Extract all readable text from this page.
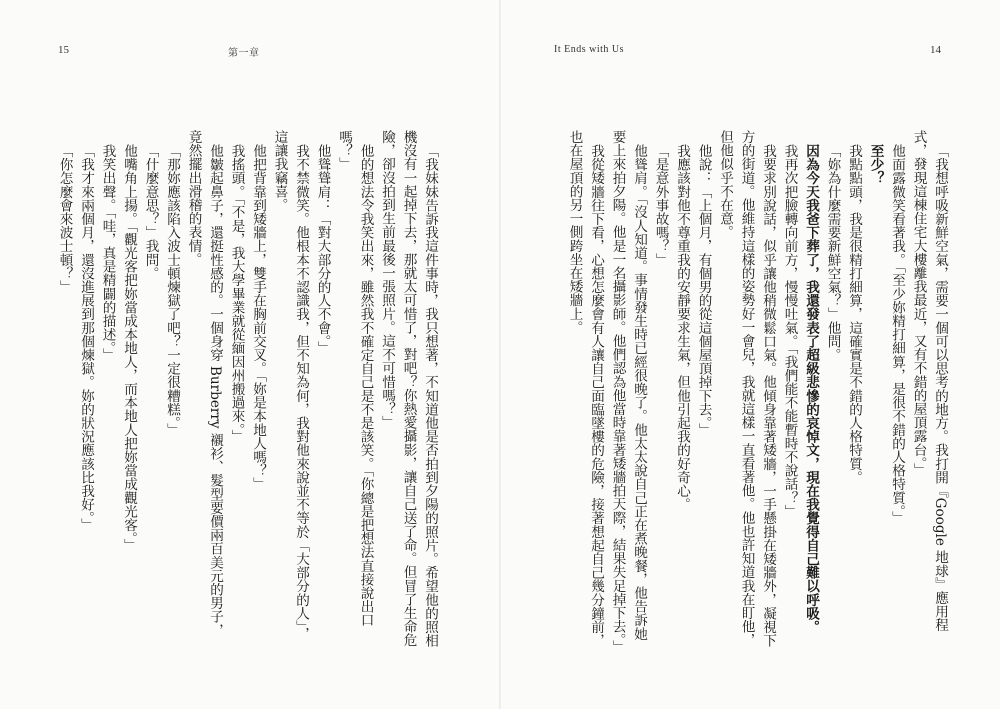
15	第一章

「我妹妹告訴我這件事時，我只想著，不知道他是否拍到夕陽的照片。希望他的照相機沒有一起掉下去，那就太可惜了，對吧？你熱愛攝影，讓自己送了命。但冒了生命危險，卻沒拍到生前最後一張照片。這不可惜嗎？」

他的想法令我笑出來，雖然我不確定自己是不是該笑。「你總是把想法直接說出口嗎？」

他聳聳肩：「對大部分的人不會。」

我不禁微笑。他根本不認識我，但不知為何，我對他來說並不等於「大部分的人」，這讓我竊喜。

他把背靠到矮牆上，雙手在胸前交叉。「妳是本地人嗎？」

我搖頭。「不是，我大學畢業就從緬因州搬過來。」

他皺起鼻子，還挺性感的。一個身穿 Burberry 襯衫、髮型要價兩百美元的男子，竟然擺出滑稽的表情。

「那妳應該陷入波士頓煉獄了吧？一定很糟糕。」

「什麼意思？」我問。

他嘴角上揚。「觀光客把妳當成本地人，而本地人把妳當成觀光客。」

我笑出聲。「哇，真是精闢的描述。」

「我才來兩個月，還沒進展到那個煉獄。妳的狀況應該比我好。」

「你怎麼會來波士頓？」

It Ends with Us	14

「我想呼吸新鮮空氣，需要一個可以思考的地方。我打開『Google 地球』應用程式，發現這棟住宅大樓離我最近，又有不錯的屋頂露台。」

他面露微笑看著我。「至少妳精打細算，是很不錯的人格特質。」

至少？

我點點頭，我是很精打細算，這確實是不錯的人格特質。

「妳為什麼需要新鮮空氣？」他問。

因為今天我爸下葬了，我還發表了超級悲慘的哀悼文，現在我覺得自己難以呼吸。

我再次把臉轉向前方，慢慢吐氣。「我們能不能暫時不說話？」

我要求別說話，似乎讓他稍微鬆口氣。他傾身靠著矮牆，一手懸掛在矮牆外，凝視下方的街道。他維持這樣的姿勢好一會兒，我就這樣一直看著他。他也許知道我在盯他，但他似乎不在意。

他說：「上個月，有個男的從這個屋頂掉下去。」

我應該對他不尊重我的安靜要求生氣，但他引起我的好奇心。

「是意外事故嗎？」

他聳肩。「沒人知道。事情發生時已經很晚了。他太太說自己正在煮晚餐，他告訴她要上來拍夕陽。他是一名攝影師。他們認為他當時靠著矮牆拍天際，結果失足掉下去。」

我從矮牆往下看，心想怎麼會有人讓自己面臨墜樓的危險，接著想起自己幾分鐘前，也在屋頂的另一側跨坐在矮牆上。
